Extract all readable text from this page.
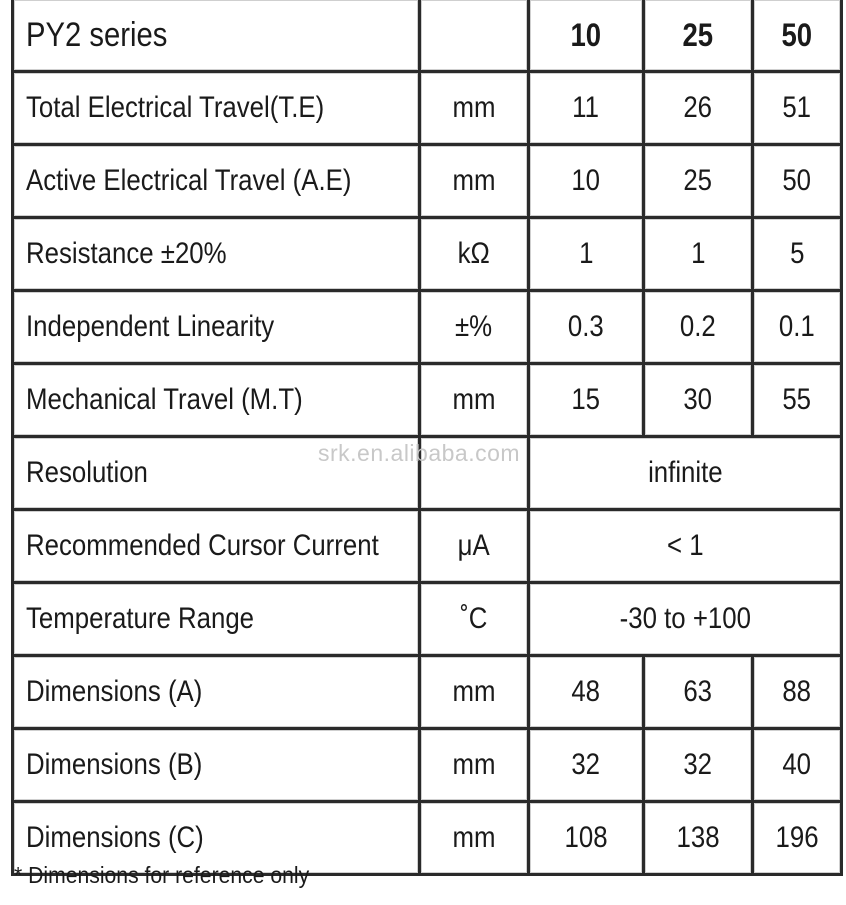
PY2 series		10	25	50
Total Electrical Travel(T.E)	mm	11	26	51
Active Electrical Travel (A.E)	mm	10	25	50
Resistance ±20%	kΩ	1	1	5
Independent Linearity	±%	0.3	0.2	0.1
Mechanical Travel (M.T)	mm	15	30	55
Resolution		infinite		
Recommended Cursor Current	μA	< 1		
Temperature Range	˚C	-30 to +100		
Dimensions (A)	mm	48	63	88
Dimensions (B)	mm	32	32	40
Dimensions (C)	mm	108	138	196
srk.en.alibaba.com
* Dimensions for reference only
